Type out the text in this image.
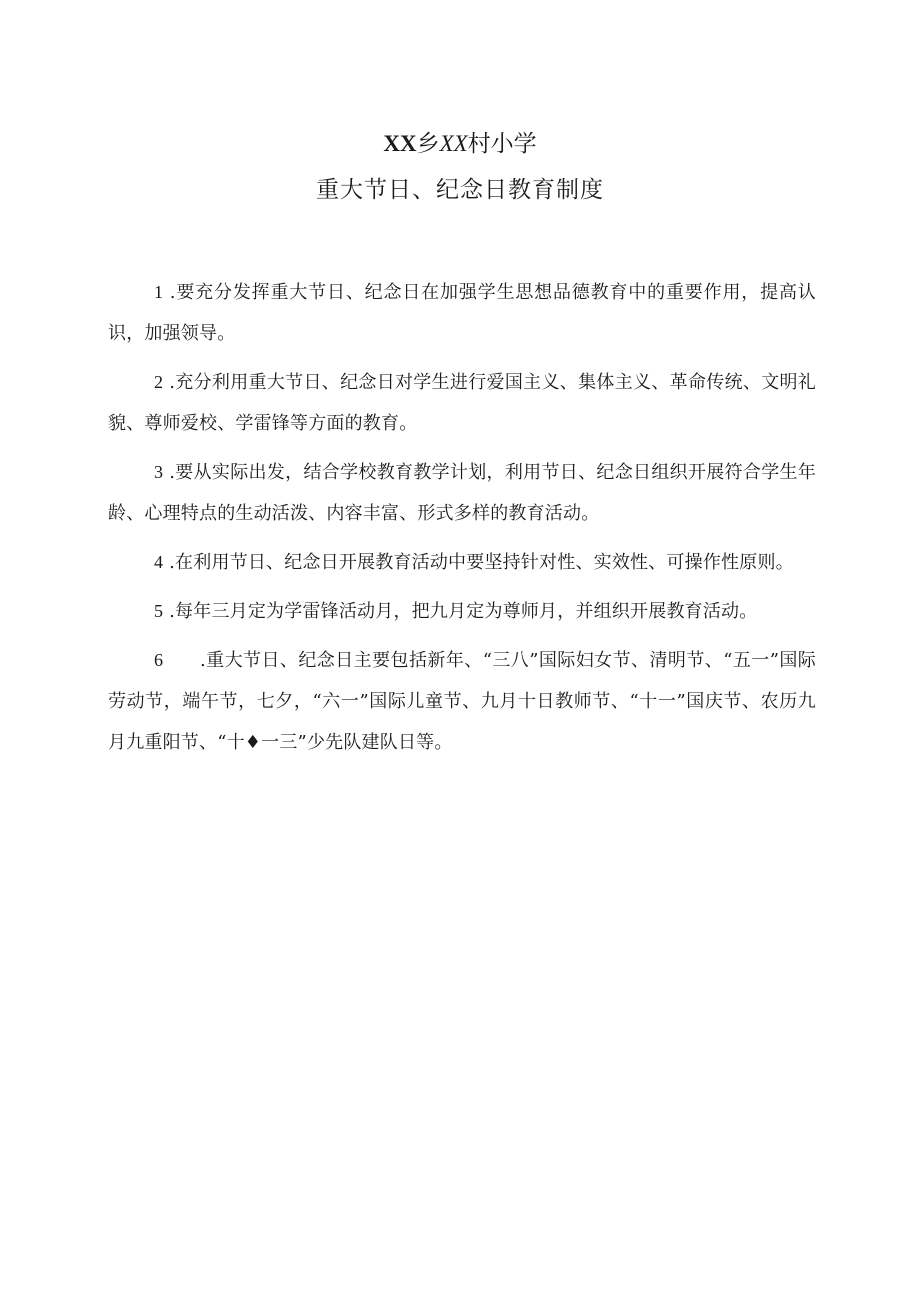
XX乡XX村小学
重大节日、纪念日教育制度

1 .要充分发挥重大节日、纪念日在加强学生思想品德教育中的重要作用，提高认识，加强领导。

2 .充分利用重大节日、纪念日对学生进行爱国主义、集体主义、革命传统、文明礼貌、尊师爱校、学雷锋等方面的教育。

3 .要从实际出发，结合学校教育教学计划，利用节日、纪念日组织开展符合学生年龄、心理特点的生动活泼、内容丰富、形式多样的教育活动。

4 .在利用节日、纪念日开展教育活动中要坚持针对性、实效性、可操作性原则。

5 .每年三月定为学雷锋活动月，把九月定为尊师月，并组织开展教育活动。

6 .重大节日、纪念日主要包括新年、“三八”国际妇女节、清明节、“五一”国际劳动节，端午节，七夕，“六一”国际儿童节、九月十日教师节、“十一”国庆节、农历九月九重阳节、“十♦一三”少先队建队日等。
